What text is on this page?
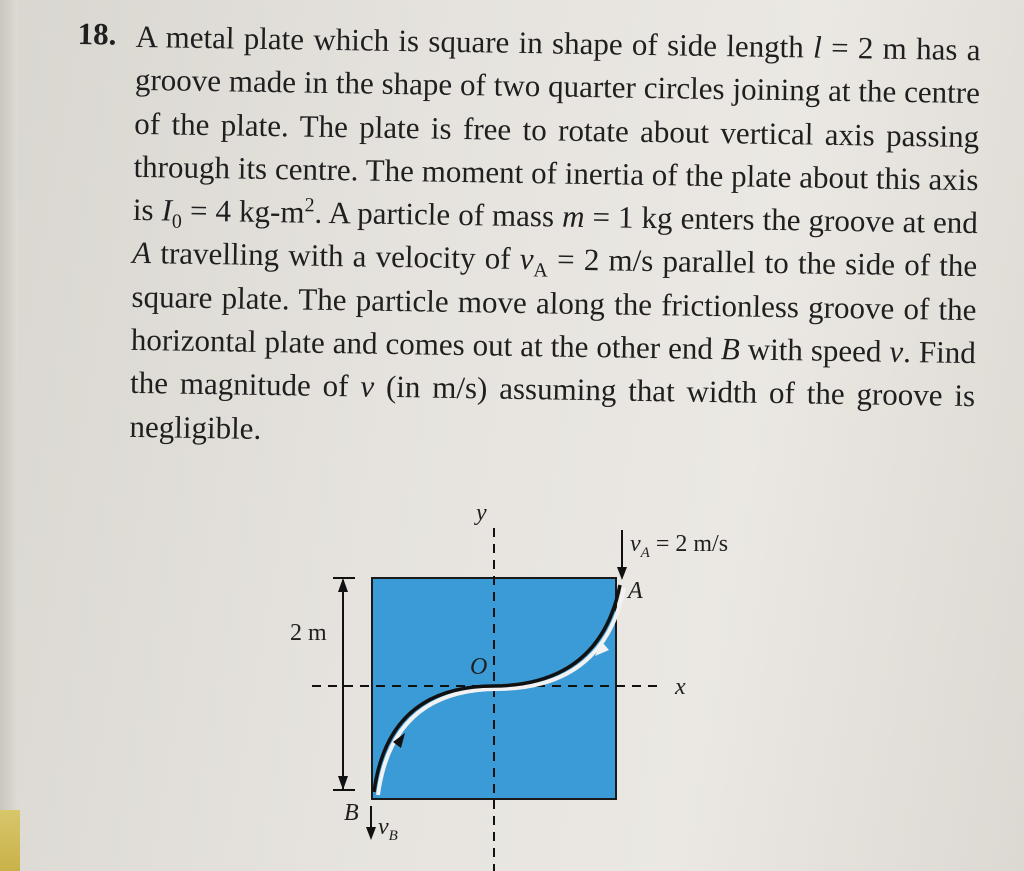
18. A metal plate which is square in shape of side length l = 2 m has a groove made in the shape of two quarter circles joining at the centre of the plate. The plate is free to rotate about vertical axis passing through its centre. The moment of inertia of the plate about this axis is $I_0 = 4$ $kg-m^2$. A particle of mass m = 1 kg enters the groove at end A travelling with a velocity of $v_A = 2$ m/s parallel to the side of the square plate. The particle move along the frictionless groove of the horizontal plate and comes out at the other end B with speed v. Find the magnitude of v (in m/s) assuming that width of the groove is negligible.

y
x
O
A
B
2 m
$v_A = 2$ m/s
$v_B$
